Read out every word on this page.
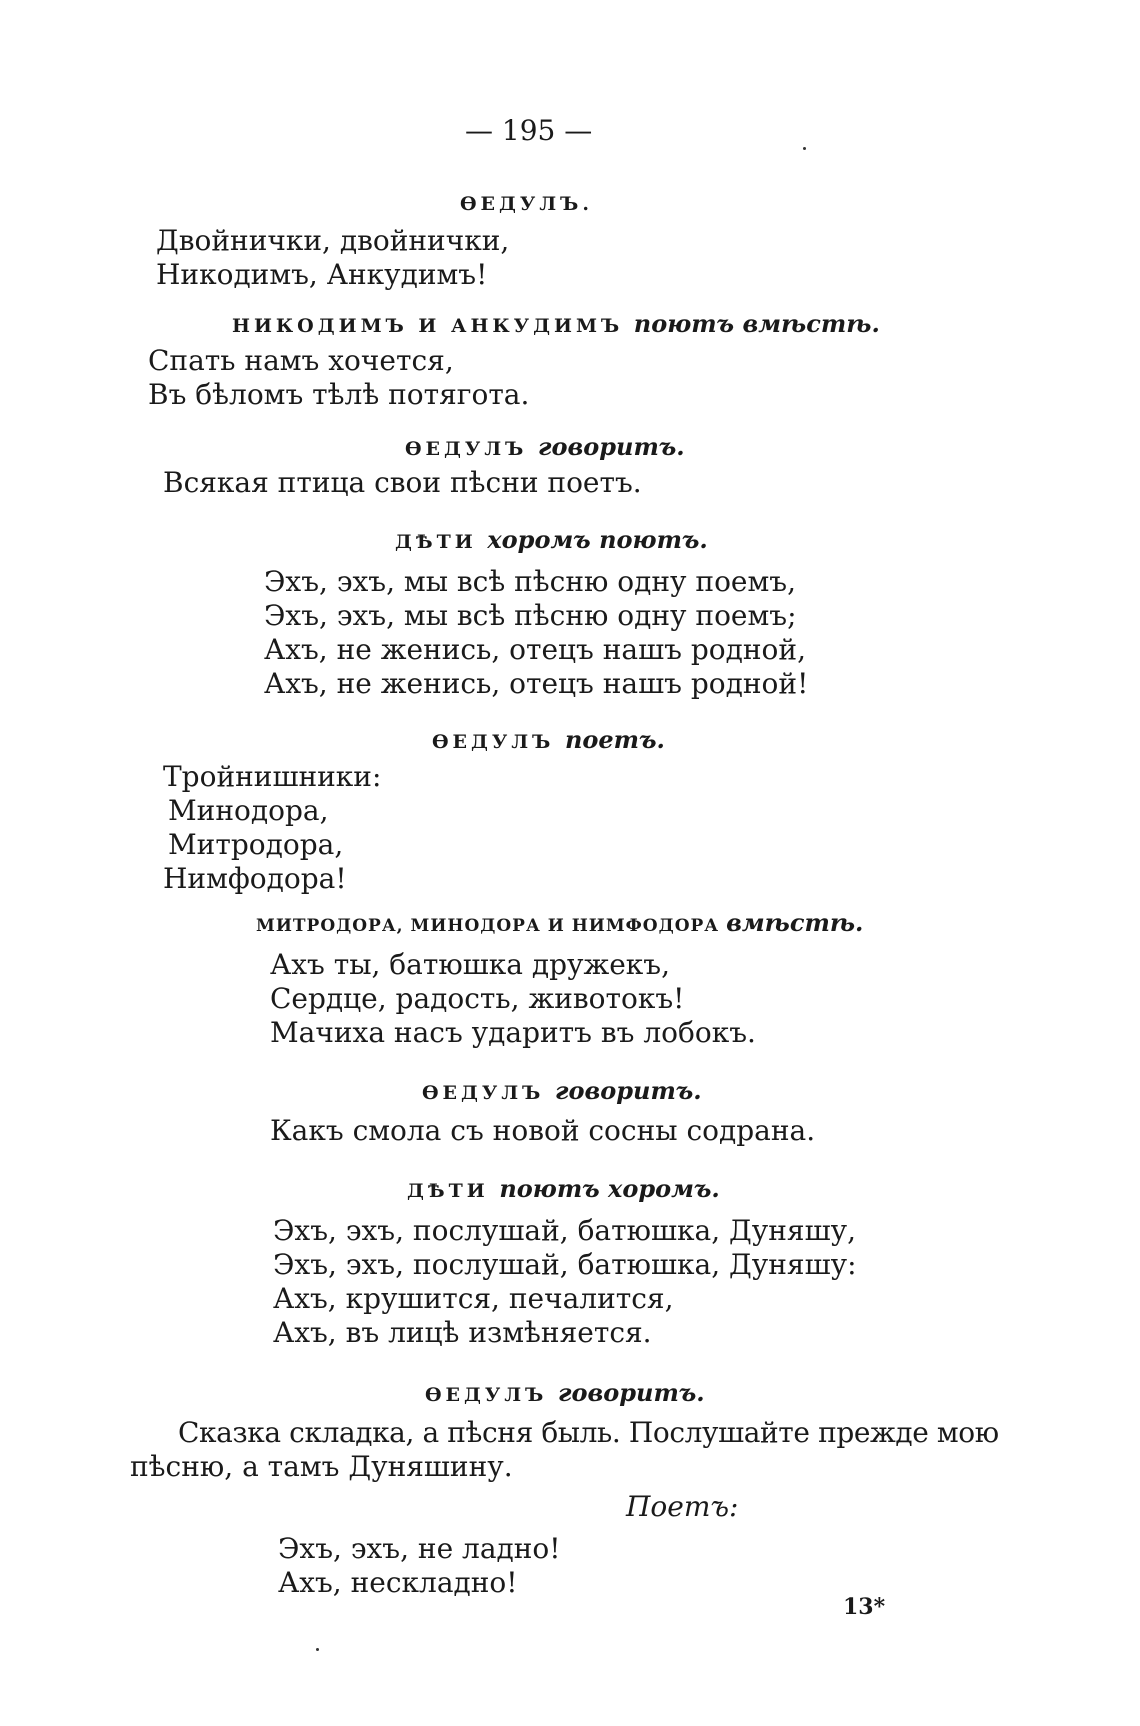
— 195 —
ѲЕДУЛЪ.
Двойнички, двойнички,
Никодимъ, Анкудимъ!
НИКОДИМЪ И АНКУДИМЪ поютъ вмѣстѣ.
Спать намъ хочется,
Въ бѣломъ тѣлѣ потягота.
ѲЕДУЛЪ говоритъ.
Всякая птица свои пѣсни поетъ.
ДѢТИ хоромъ поютъ.
Эхъ, эхъ, мы всѣ пѣсню одну поемъ,
Эхъ, эхъ, мы всѣ пѣсню одну поемъ;
Ахъ, не женись, отецъ нашъ родной,
Ахъ, не женись, отецъ нашъ родной!
ѲЕДУЛЪ поетъ.
Тройнишники:
Минодора,
Митродора,
Нимфодора!
МИТРОДОРА, МИНОДОРА И НИМФОДОРА вмѣстѣ.
Ахъ ты, батюшка дружекъ,
Сердце, радость, животокъ!
Мачиха насъ ударитъ въ лобокъ.
ѲЕДУЛЪ говоритъ.
Какъ смола съ новой сосны содрана.
ДѢТИ поютъ хоромъ.
Эхъ, эхъ, послушай, батюшка, Дуняшу,
Эхъ, эхъ, послушай, батюшка, Дуняшу:
Ахъ, крушится, печалится,
Ахъ, въ лицѣ измѣняется.
ѲЕДУЛЪ говоритъ.
Сказка складка, а пѣсня быль. Послушайте прежде мою
пѣсню, а тамъ Дуняшину.
Поетъ:
Эхъ, эхъ, не ладно!
Ахъ, нескладно!
13*
